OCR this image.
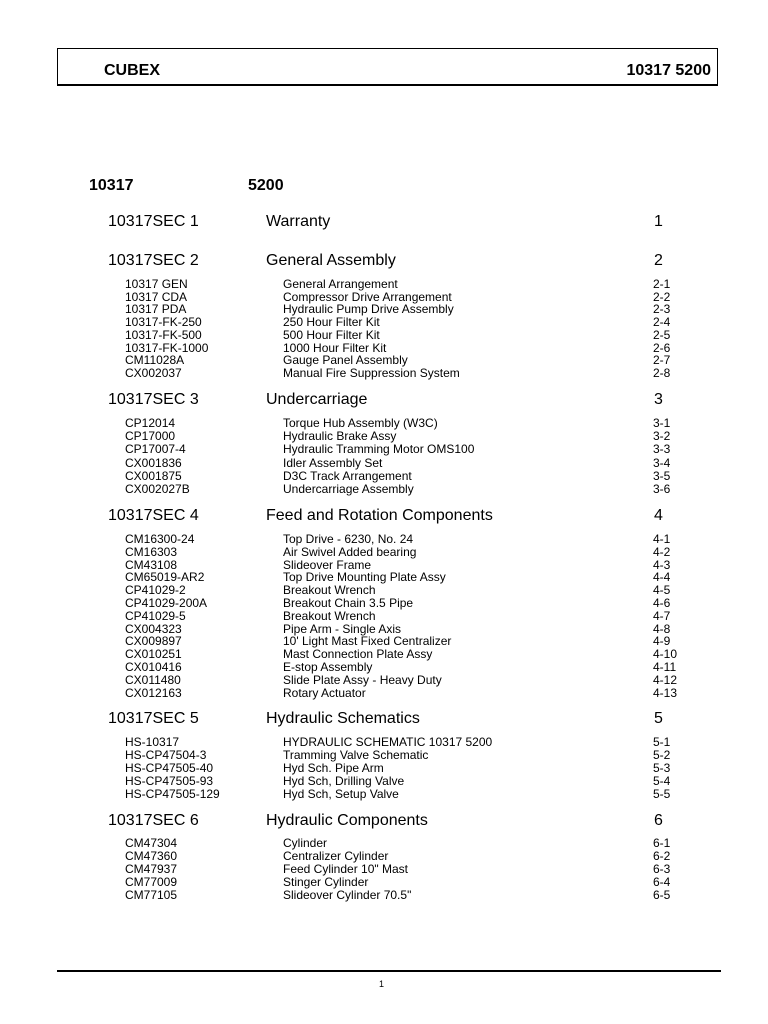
CUBEX	10317 5200
10317	5200
10317SEC 1	Warranty	1
10317SEC 2	General Assembly	2
10317 GEN	General Arrangement	2-1
10317 CDA	Compressor Drive Arrangement	2-2
10317 PDA	Hydraulic Pump Drive Assembly	2-3
10317-FK-250	250 Hour Filter Kit	2-4
10317-FK-500	500 Hour Filter Kit	2-5
10317-FK-1000	1000 Hour Filter Kit	2-6
CM11028A	Gauge Panel Assembly	2-7
CX002037	Manual Fire Suppression System	2-8
10317SEC 3	Undercarriage	3
CP12014	Torque Hub Assembly (W3C)	3-1
CP17000	Hydraulic Brake Assy	3-2
CP17007-4	Hydraulic Tramming Motor OMS100	3-3
CX001836	Idler Assembly Set	3-4
CX001875	D3C Track Arrangement	3-5
CX002027B	Undercarriage Assembly	3-6
10317SEC 4	Feed and Rotation Components	4
CM16300-24	Top Drive - 6230, No. 24	4-1
CM16303	Air Swivel Added bearing	4-2
CM43108	Slideover Frame	4-3
CM65019-AR2	Top Drive Mounting Plate Assy	4-4
CP41029-2	Breakout Wrench	4-5
CP41029-200A	Breakout Chain 3.5 Pipe	4-6
CP41029-5	Breakout Wrench	4-7
CX004323	Pipe Arm - Single Axis	4-8
CX009897	10' Light Mast Fixed Centralizer	4-9
CX010251	Mast Connection Plate Assy	4-10
CX010416	E-stop Assembly	4-11
CX011480	Slide Plate Assy - Heavy Duty	4-12
CX012163	Rotary Actuator	4-13
10317SEC 5	Hydraulic Schematics	5
HS-10317	HYDRAULIC SCHEMATIC 10317 5200	5-1
HS-CP47504-3	Tramming Valve Schematic	5-2
HS-CP47505-40	Hyd Sch. Pipe Arm	5-3
HS-CP47505-93	Hyd Sch, Drilling Valve	5-4
HS-CP47505-129	Hyd Sch, Setup Valve	5-5
10317SEC 6	Hydraulic Components	6
CM47304	Cylinder	6-1
CM47360	Centralizer Cylinder	6-2
CM47937	Feed Cylinder 10" Mast	6-3
CM77009	Stinger Cylinder	6-4
CM77105	Slideover Cylinder 70.5"	6-5
1
